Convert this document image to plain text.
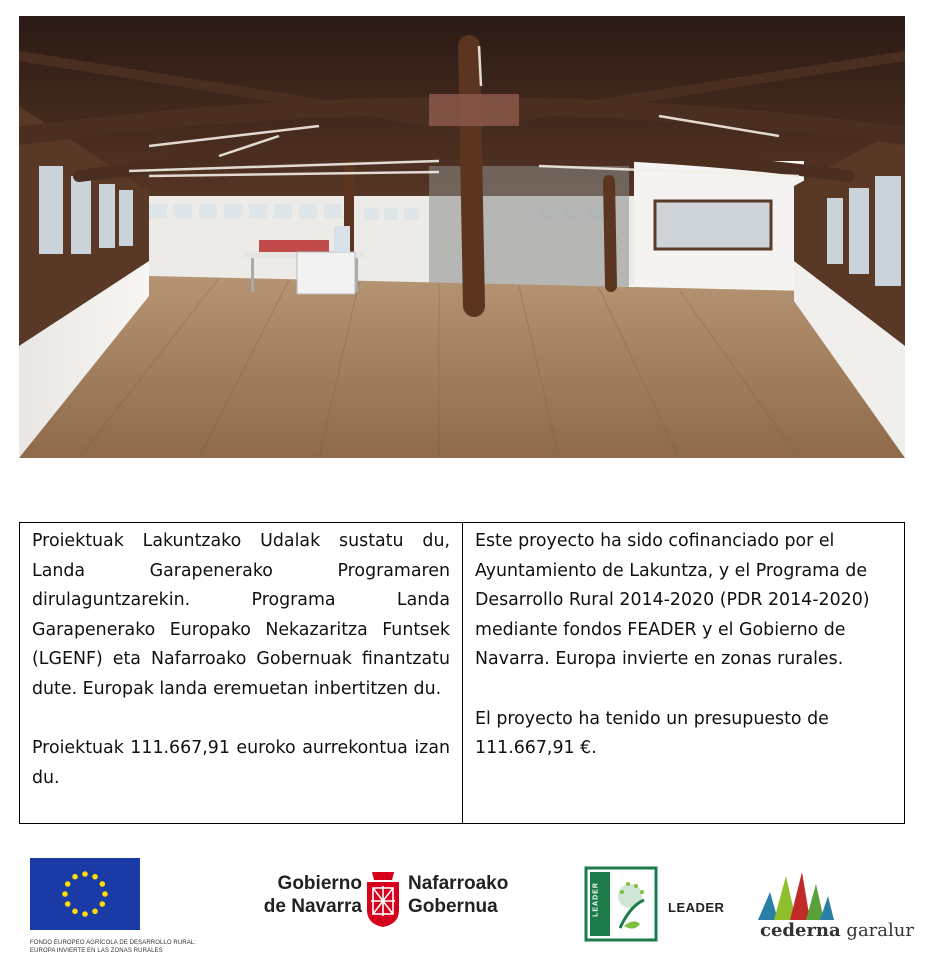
Proiektuak Lakuntzako Udalak sustatu du, Landa Garapenerako Programaren dirulaguntzarekin. Programa Landa Garapenerako Europako Nekazaritza Funtsek (LGENF) eta Nafarroako Gobernuak finantzatu dute. Europak landa eremuetan inbertitzen du.

Proiektuak 111.667,91 euroko aurrekontua izan du.

Este proyecto ha sido cofinanciado por el Ayuntamiento de Lakuntza, y el Programa de Desarrollo Rural 2014-2020 (PDR 2014-2020) mediante fondos FEADER y el Gobierno de Navarra. Europa invierte en zonas rurales.

El proyecto ha tenido un presupuesto de 111.667,91 €.

FONDO EUROPEO AGRÍCOLA DE DESARROLLO RURAL:
EUROPA INVIERTE EN LAS ZONAS RURALES
Gobierno
de Navarra
Nafarroako
Gobernua	LEADER	LEADER
cederna garalur
